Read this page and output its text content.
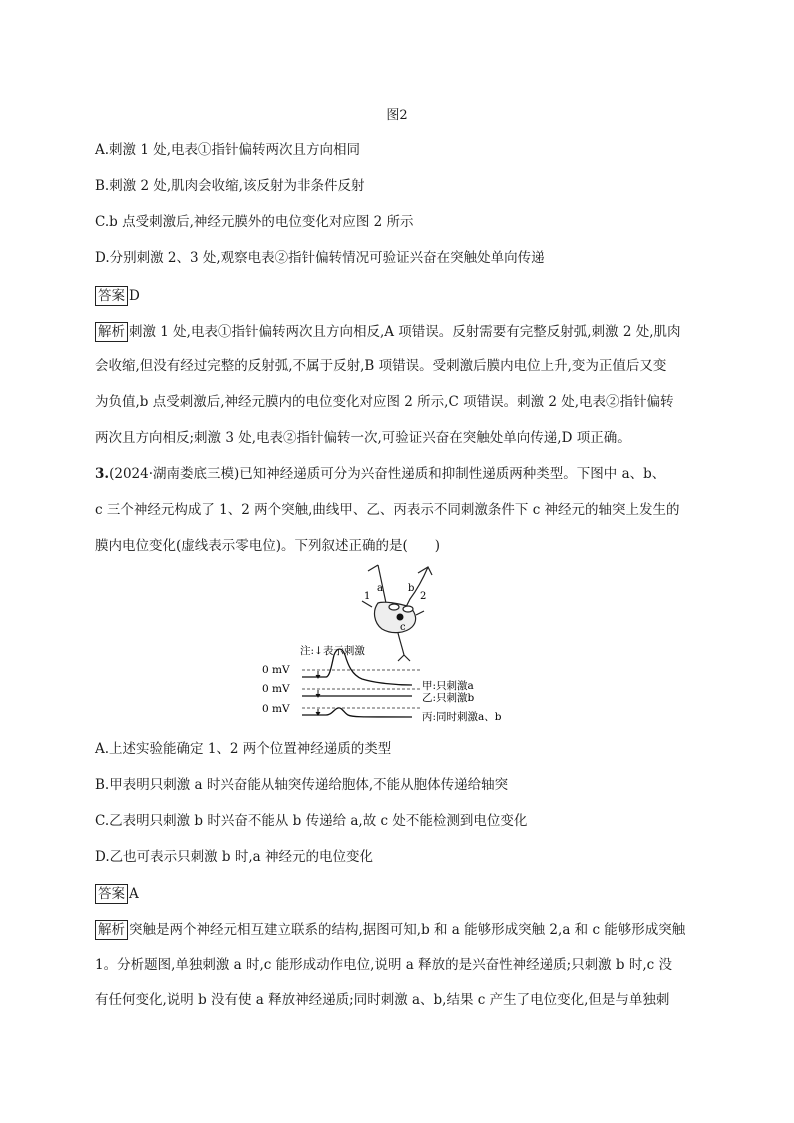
图2
A.刺激 1 处,电表①指针偏转两次且方向相同
B.刺激 2 处,肌肉会收缩,该反射为非条件反射
C.b 点受刺激后,神经元膜外的电位变化对应图 2 所示
D.分别刺激 2、3 处,观察电表②指针偏转情况可验证兴奋在突触处单向传递
答案 D
解析 刺激 1 处,电表①指针偏转两次且方向相反,A 项错误。反射需要有完整反射弧,刺激 2 处,肌肉
会收缩,但没有经过完整的反射弧,不属于反射,B 项错误。受刺激后膜内电位上升,变为正值后又变
为负值,b 点受刺激后,神经元膜内的电位变化对应图 2 所示,C 项错误。刺激 2 处,电表②指针偏转
两次且方向相反;刺激 3 处,电表②指针偏转一次,可验证兴奋在突触处单向传递,D 项正确。
3.(2024·湖南娄底三模)已知神经递质可分为兴奋性递质和抑制性递质两种类型。下图中 a、b、
c 三个神经元构成了 1、2 两个突触,曲线甲、乙、丙表示不同刺激条件下 c 神经元的轴突上发生的
膜内电位变化(虚线表示零电位)。下列叙述正确的是(　　)
a	b
c
1	2
注:↓表示刺激
0 mV
0 mV
0 mV
甲:只刺激a
乙:只刺激b
丙:同时刺激a、b
A.上述实验能确定 1、2 两个位置神经递质的类型
B.甲表明只刺激 a 时兴奋能从轴突传递给胞体,不能从胞体传递给轴突
C.乙表明只刺激 b 时兴奋不能从 b 传递给 a,故 c 处不能检测到电位变化
D.乙也可表示只刺激 b 时,a 神经元的电位变化
答案 A
解析 突触是两个神经元相互建立联系的结构,据图可知,b 和 a 能够形成突触 2,a 和 c 能够形成突触
1。分析题图,单独刺激 a 时,c 能形成动作电位,说明 a 释放的是兴奋性神经递质;只刺激 b 时,c 没
有任何变化,说明 b 没有使 a 释放神经递质;同时刺激 a、b,结果 c 产生了电位变化,但是与单独刺
